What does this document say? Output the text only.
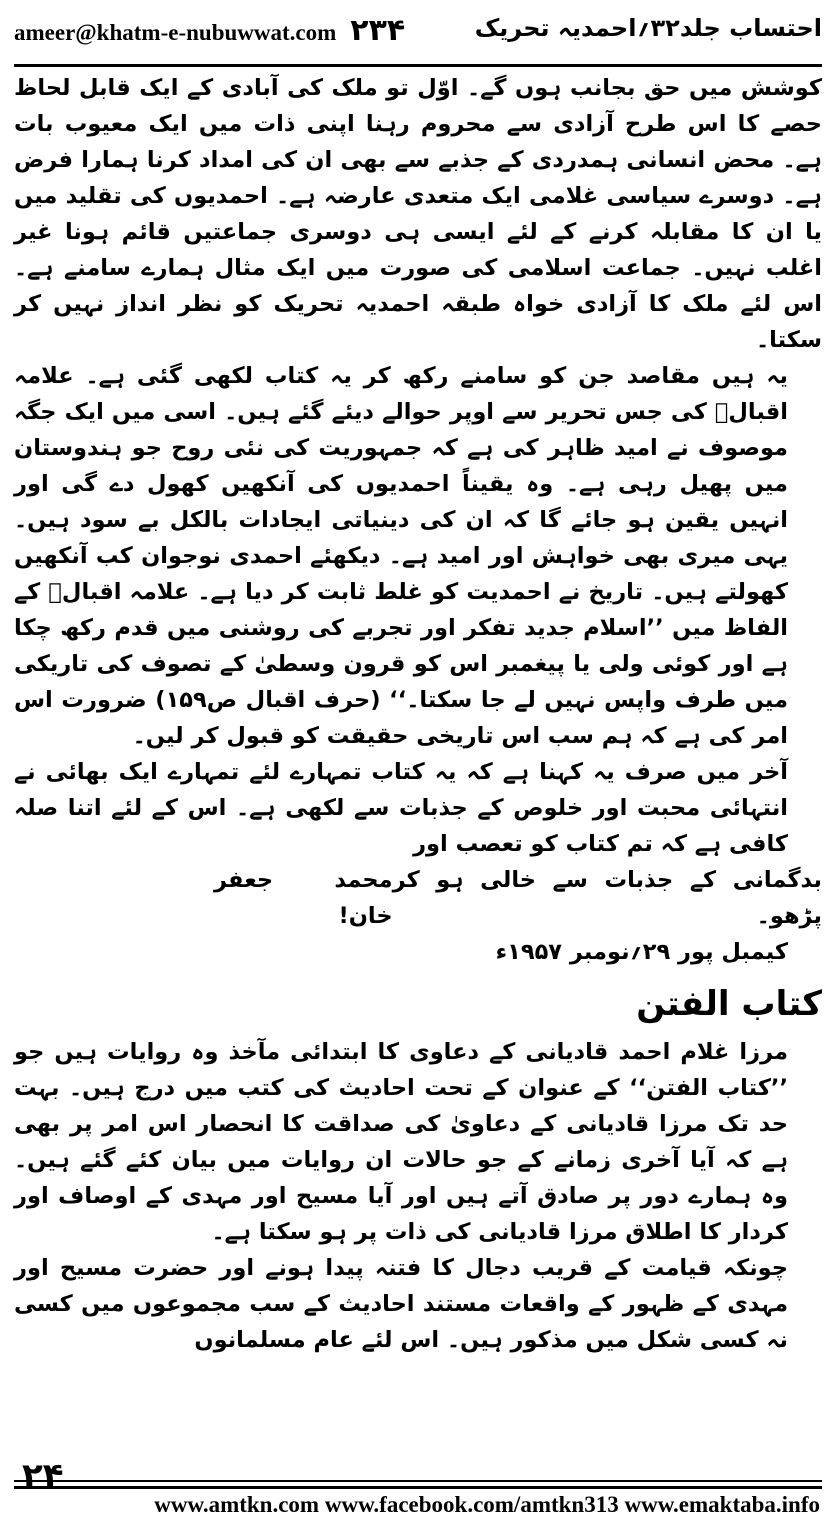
ameer@khatm-e-nubuwwat.com ۲۳۴	احتساب جلد۳۲؍احمدیہ تحریک

کوشش میں حق بجانب ہوں گے۔ اوّل تو ملک کی آبادی کے ایک قابل لحاظ حصے کا اس طرح آزادی سے محروم رہنا اپنی ذات میں ایک معیوب بات ہے۔ محض انسانی ہمدردی کے جذبے سے بھی ان کی امداد کرنا ہمارا فرض ہے۔ دوسرے سیاسی غلامی ایک متعدی عارضہ ہے۔ احمدیوں کی تقلید میں یا ان کا مقابلہ کرنے کے لئے ایسی ہی دوسری جماعتیں قائم ہونا غیر اغلب نہیں۔ جماعت اسلامی کی صورت میں ایک مثال ہمارے سامنے ہے۔ اس لئے ملک کا آزادی خواہ طبقہ احمدیہ تحریک کو نظر انداز نہیں کر سکتا۔

یہ ہیں مقاصد جن کو سامنے رکھ کر یہ کتاب لکھی گئی ہے۔ علامہ اقبالؒ کی جس تحریر سے اوپر حوالے دیئے گئے ہیں۔ اسی میں ایک جگہ موصوف نے امید ظاہر کی ہے کہ جمہوریت کی نئی روح جو ہندوستان میں پھیل رہی ہے۔ وہ یقیناً احمدیوں کی آنکھیں کھول دے گی اور انہیں یقین ہو جائے گا کہ ان کی دینیاتی ایجادات بالکل بے سود ہیں۔ یہی میری بھی خواہش اور امید ہے۔ دیکھئے احمدی نوجوان کب آنکھیں کھولتے ہیں۔ تاریخ نے احمدیت کو غلط ثابت کر دیا ہے۔ علامہ اقبالؒ کے الفاظ میں ’’اسلام جدید تفکر اور تجربے کی روشنی میں قدم رکھ چکا ہے اور کوئی ولی یا پیغمبر اس کو قرون وسطیٰ کے تصوف کی تاریکی میں طرف واپس نہیں لے جا سکتا۔‘‘ (حرف اقبال ص۱۵۹) ضرورت اس امر کی ہے کہ ہم سب اس تاریخی حقیقت کو قبول کر لیں۔

آخر میں صرف یہ کہنا ہے کہ یہ کتاب تمہارے لئے تمہارے ایک بھائی نے انتہائی محبت اور خلوص کے جذبات سے لکھی ہے۔ اس کے لئے اتنا صلہ کافی ہے کہ تم کتاب کو تعصب اور

بدگمانی کے جذبات سے خالی ہو کر پڑھو۔
محمد جعفر خان!

کیمبل پور ۲۹؍نومبر ۱۹۵۷ء

کتاب الفتن

مرزا غلام احمد قادیانی کے دعاوی کا ابتدائی مآخذ وہ روایات ہیں جو ’’کتاب الفتن‘‘ کے عنوان کے تحت احادیث کی کتب میں درج ہیں۔ بہت حد تک مرزا قادیانی کے دعاویٰ کی صداقت کا انحصار اس امر پر بھی ہے کہ آیا آخری زمانے کے جو حالات ان روایات میں بیان کئے گئے ہیں۔ وہ ہمارے دور پر صادق آتے ہیں اور آیا مسیح اور مہدی کے اوصاف اور کردار کا اطلاق مرزا قادیانی کی ذات پر ہو سکتا ہے۔

چونکہ قیامت کے قریب دجال کا فتنہ پیدا ہونے اور حضرت مسیح اور مہدی کے ظہور کے واقعات مستند احادیث کے سب مجموعوں میں کسی نہ کسی شکل میں مذکور ہیں۔ اس لئے عام مسلمانوں

۲۴
www.amtkn.com www.facebook.com/amtkn313 www.emaktaba.info
